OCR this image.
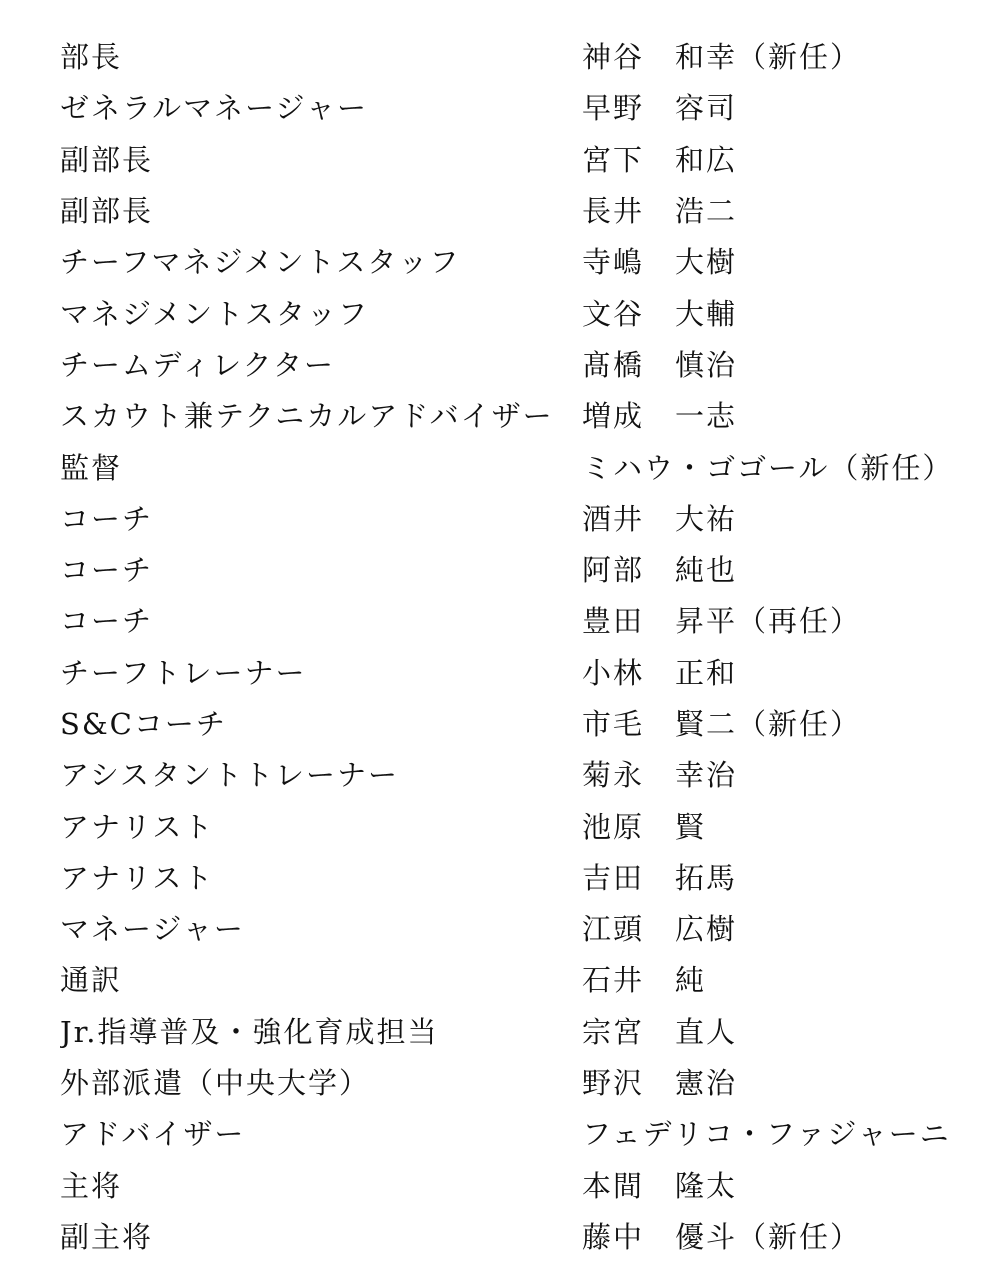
部長	神谷　和幸（新任）
ゼネラルマネージャー	早野　容司
副部長	宮下　和広
副部長	長井　浩二
チーフマネジメントスタッフ	寺嶋　大樹
マネジメントスタッフ	文谷　大輔
チームディレクター	髙橋　慎治
スカウト兼テクニカルアドバイザー 増成　一志
監督	ミハウ・ゴゴール（新任）
コーチ	酒井　大祐
コーチ	阿部　純也
コーチ	豊田　昇平（再任）
チーフトレーナー	小林　正和
S&Cコーチ	市毛　賢二（新任）
アシスタントトレーナー	菊永　幸治
アナリスト	池原　賢
アナリスト	吉田　拓馬
マネージャー	江頭　広樹
通訳	石井　純
Jr.指導普及・強化育成担当	宗宮　直人
外部派遣（中央大学）	野沢　憲治
アドバイザー	フェデリコ・ファジャーニ
主将	本間　隆太
副主将	藤中　優斗（新任）
